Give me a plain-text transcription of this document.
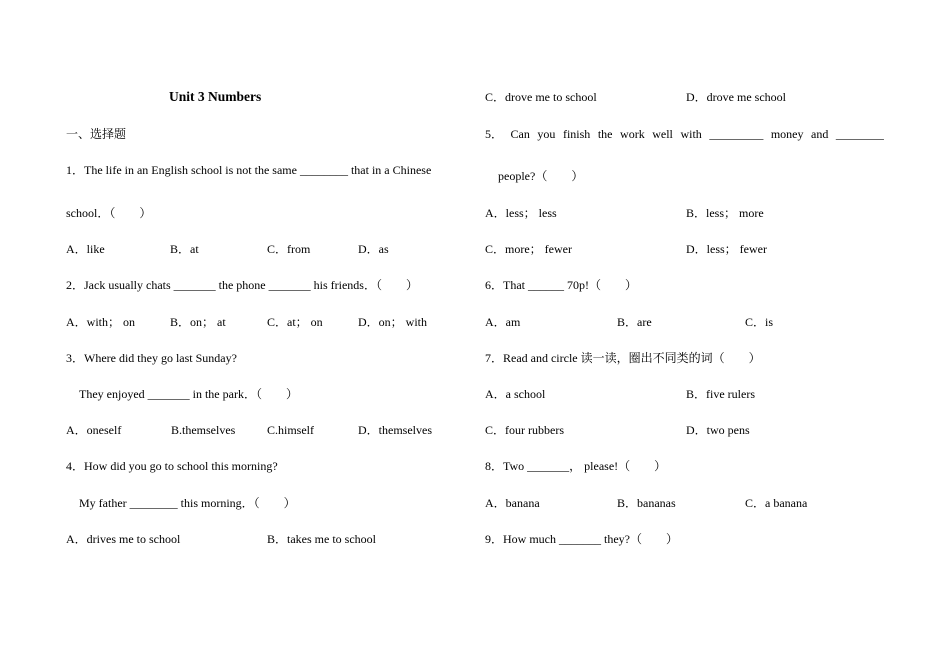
Unit 3 Numbers
一、选择题
1．The life in an English school is not the same ________ that in a Chinese
school．（　　）
A．like	B．at	C．from	D．as
2．Jack usually chats _______ the phone _______ his friends．（　　）
A．with； on	B．on； at	C．at； on	D．on； with
3．Where did they go last Sunday?
They enjoyed _______ in the park．（　　）
A．oneself	B.themselves	C.himself	D．themselves
4．How did you go to school this morning?
My father ________ this morning．（　　）
A．drives me to school	B．takes me to school
C．drove me to school	D．drove me school
5． Can you finish the work well with _________ money and ________
people?（　　）
A．less； less	B．less； more
C．more； fewer	D．less； fewer
6．That ______ 70p!（　　）
A．am	B．are	C．is
7．Read and circle 读一读，圈出不同类的词（　　）
A．a school	B．five rulers
C．four rubbers	D．two pens
8．Two _______， please!（　　）
A．banana	B．bananas	C．a banana
9．How much _______ they?（　　）
